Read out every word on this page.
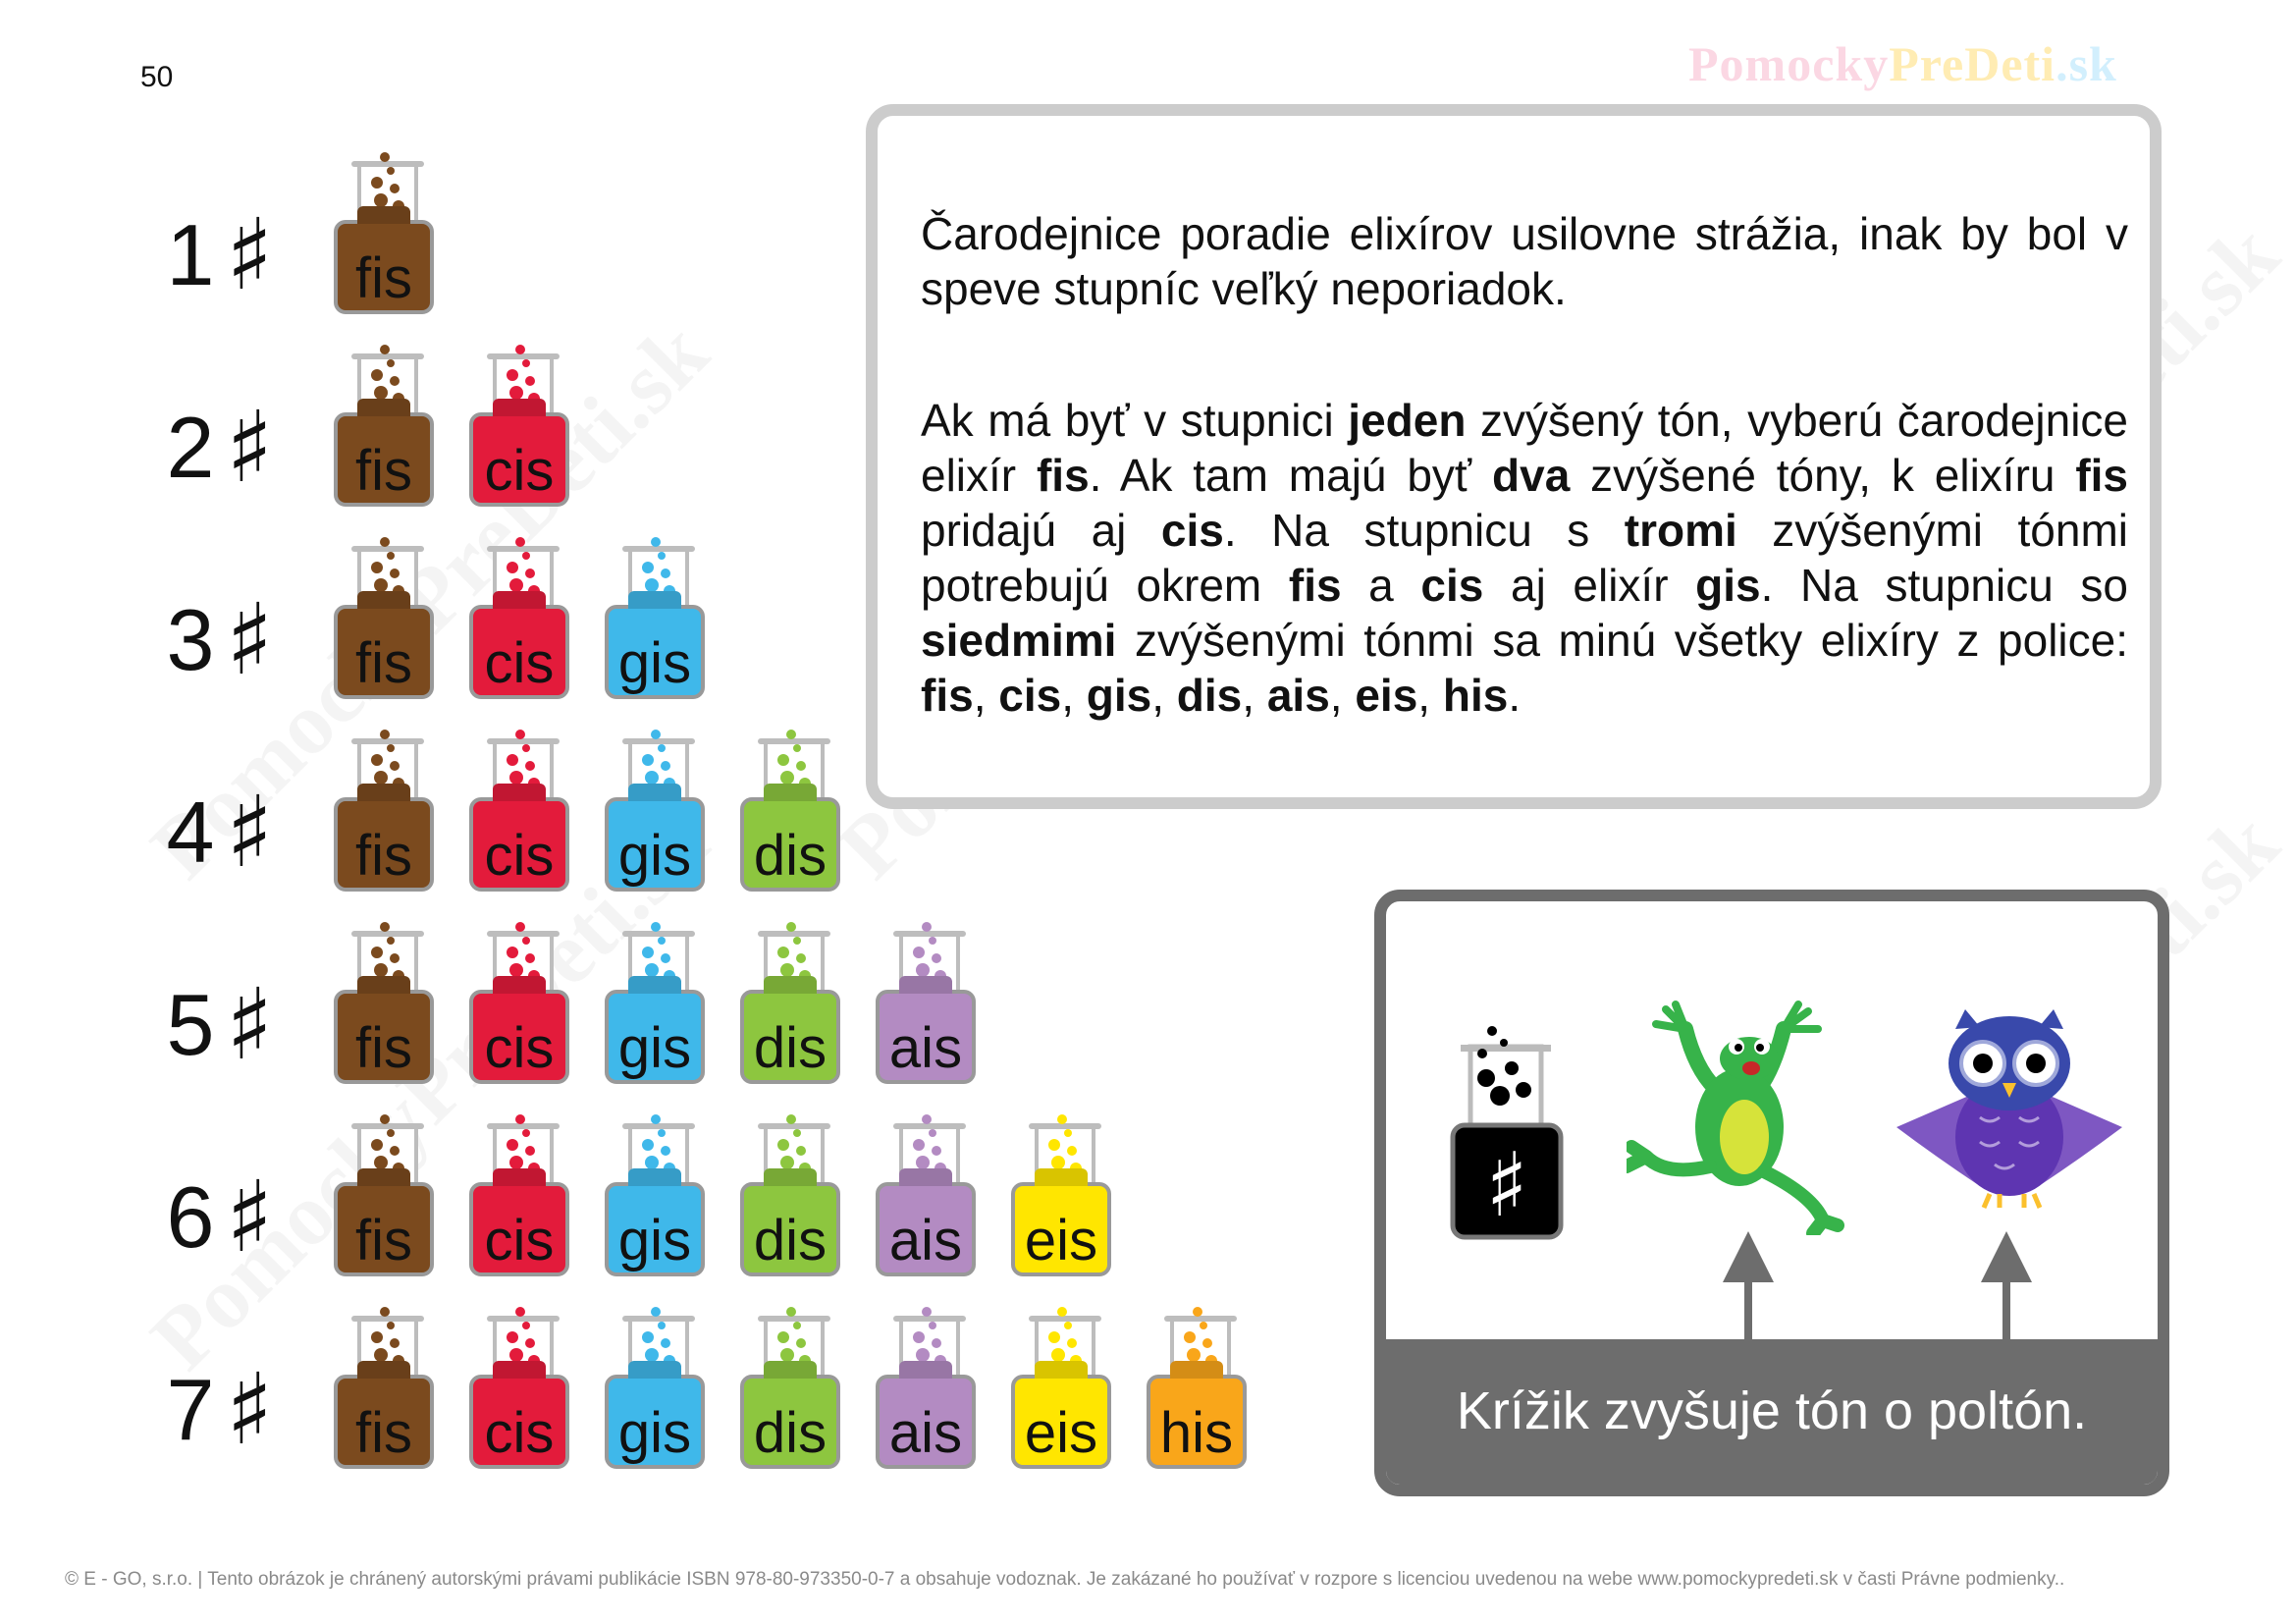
50	PomockyPreDeti.sk
1 ♯	fis
2 ♯	fis	cis
3 ♯	fis	cis gis
4 ♯	fis	cis gis dis
5 ♯	fis	cis gis dis ais
6 ♯	fis	cis gis dis ais eis
7 ♯	fis	cis gis dis ais eis his
Čarodejnice poradie elixírov usilovne strážia, inak by bol v speve stupníc veľký neporiadok.
Ak má byť v stupnici jeden zvýšený tón, vyberú čarodejnice elixír fis. Ak tam majú byť dva zvýšené tóny, k elixíru fis pridajú aj cis. Na stupnicu s tromi zvýšenými tónmi potrebujú okrem fis a cis aj elixír gis. Na stupnicu so siedmimi zvýšenými tónmi sa minú všetky elixíry z police: fis, cis, gis, dis, ais, eis, his.
♯
Krížik zvyšuje tón o poltón.
© E - GO, s.r.o. | Tento obrázok je chránený autorskými právami publikácie ISBN 978-80-973350-0-7 a obsahuje vodoznak. Je zakázané ho používať v rozpore s licenciou uvedenou na webe www.pomockypredeti.sk v časti Právne podmienky..
